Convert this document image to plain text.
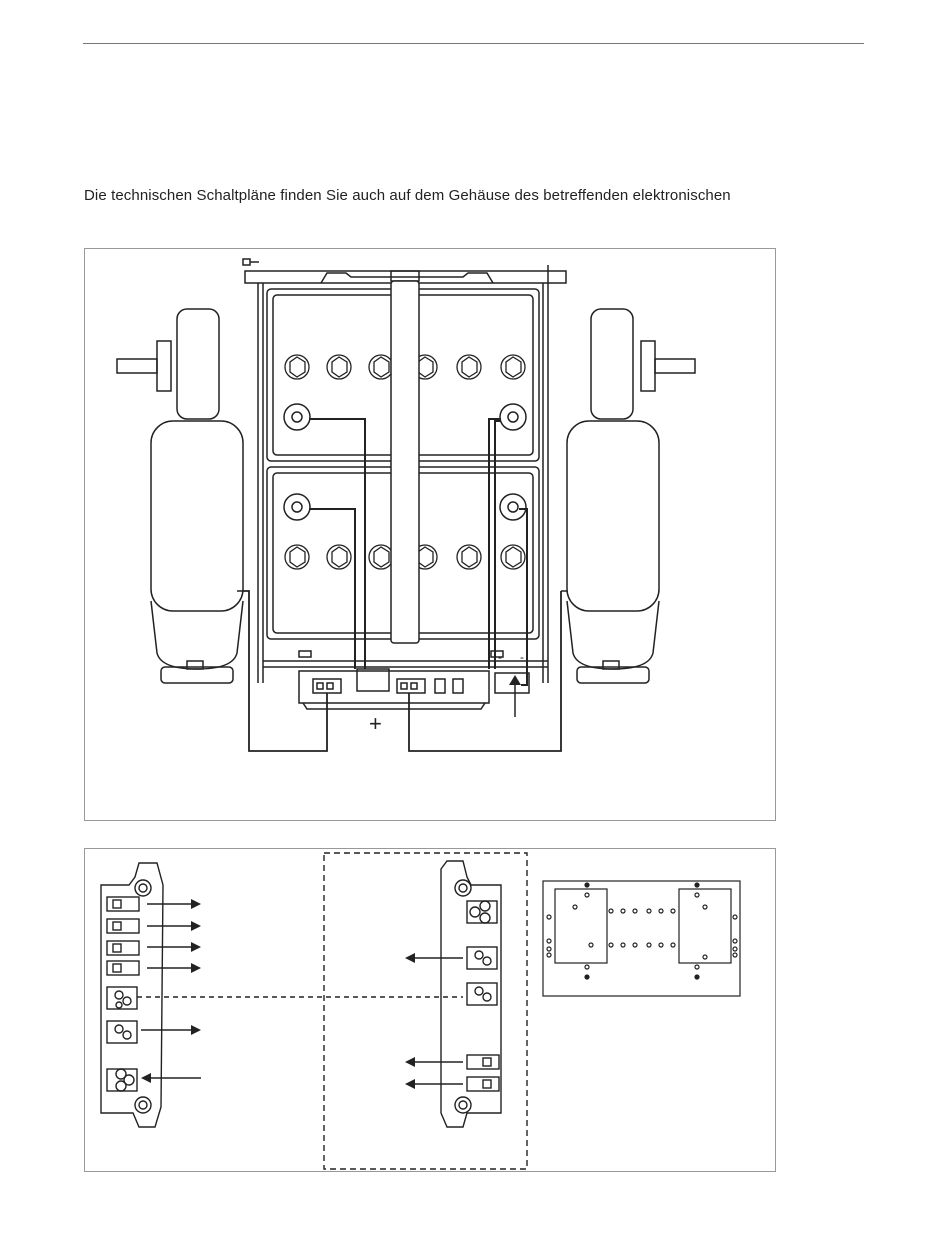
Die technischen Schaltpläne finden Sie auch auf dem Gehäuse des betreffenden elektronischen
- -
+
